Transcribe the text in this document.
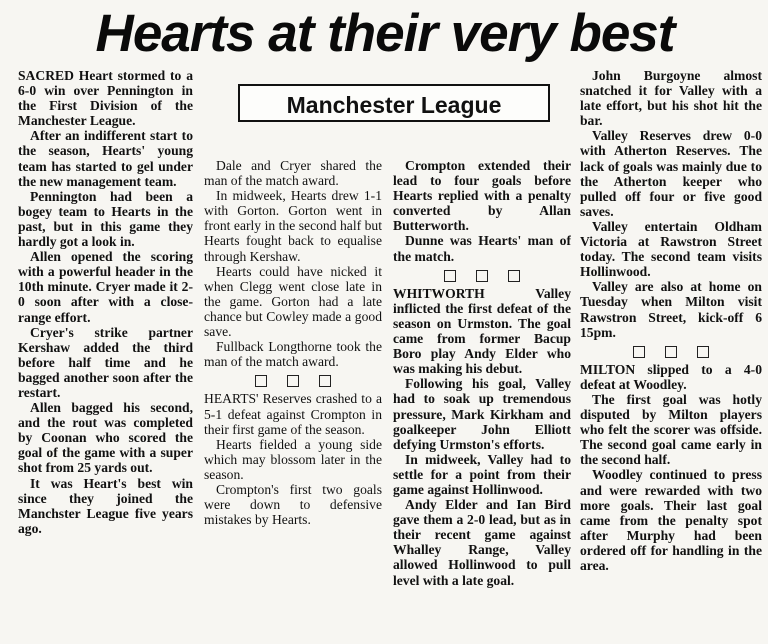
Hearts at their very best
Manchester League

SACRED Heart stormed to a 6-0 win over Pennington in the First Division of the Manchester League.

After an indifferent start to the season, Hearts' young team has started to gel under the new management team.

Pennington had been a bogey team to Hearts in the past, but in this game they hardly got a look in.

Allen opened the scoring with a powerful header in the 10th minute. Cryer made it 2-0 soon after with a close-range effort.

Cryer's strike partner Kershaw added the third before half time and he bagged another soon after the restart.

Allen bagged his second, and the rout was completed by Coonan who scored the goal of the game with a super shot from 25 yards out.

It was Heart's best win since they joined the Manchster League five years ago.

Dale and Cryer shared the man of the match award.

In midweek, Hearts drew 1-1 with Gorton. Gorton went in front early in the second half but Hearts fought back to equalise through Kershaw.

Hearts could have nicked it when Clegg went close late in the game. Gorton had a late chance but Cowley made a good save.

Fullback Longthorne took the man of the match award.

HEARTS' Reserves crashed to a 5-1 defeat against Crompton in their first game of the season.

Hearts fielded a young side which may blossom later in the season.

Crompton's first two goals were down to defensive mistakes by Hearts.

Crompton extended their lead to four goals before Hearts replied with a penalty converted by Allan Butterworth.

Dunne was Hearts' man of the match.

WHITWORTH Valley inflicted the first defeat of the season on Urmston. The goal came from former Bacup Boro play Andy Elder who was making his debut.

Following his goal, Valley had to soak up tremendous pressure, Mark Kirkham and goalkeeper John Elliott defying Urmston's efforts.

In midweek, Valley had to settle for a point from their game against Hollinwood.

Andy Elder and Ian Bird gave them a 2-0 lead, but as in their recent game against Whalley Range, Valley allowed Hollinwood to pull level with a late goal.

John Burgoyne almost snatched it for Valley with a late effort, but his shot hit the bar.

Valley Reserves drew 0-0 with Atherton Reserves. The lack of goals was mainly due to the Atherton keeper who pulled off four or five good saves.

Valley entertain Oldham Victoria at Rawstron Street today. The second team visits Hollinwood.

Valley are also at home on Tuesday when Milton visit Rawstron Street, kick-off 6 15pm.

MILTON slipped to a 4-0 defeat at Woodley.

The first goal was hotly disputed by Milton players who felt the scorer was offside. The second goal came early in the second half.

Woodley continued to press and were rewarded with two more goals. Their last goal came from the penalty spot after Murphy had been ordered off for handling in the area.
